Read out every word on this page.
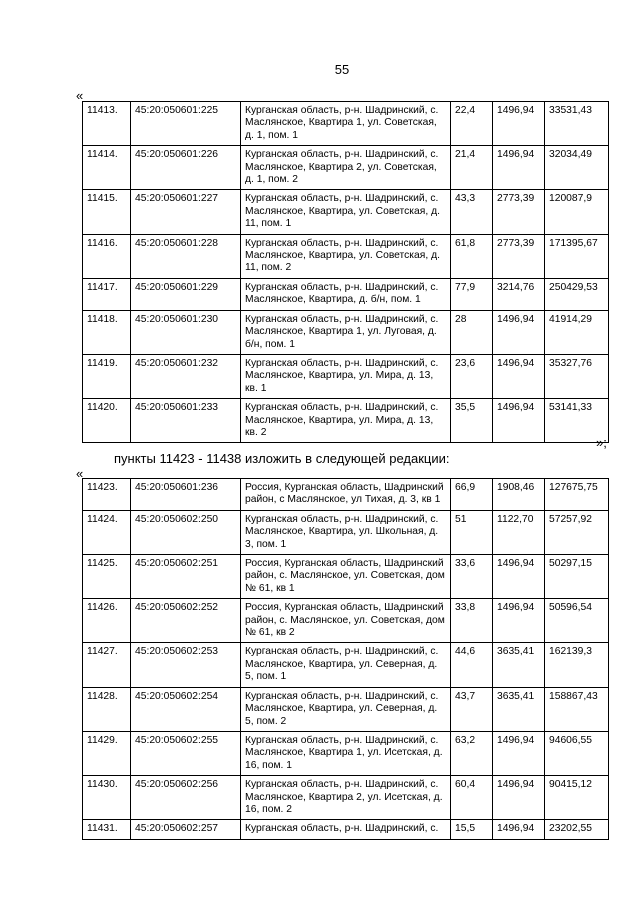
55
«
11413.	45:20:050601:225	Курганская область, р-н. Шадринский, с. Маслянское, Квартира 1, ул. Советская, д. 1, пом. 1	22,4	1496,94	33531,43
11414.	45:20:050601:226	Курганская область, р-н. Шадринский, с. Маслянское, Квартира 2, ул. Советская, д. 1, пом. 2	21,4	1496,94	32034,49
11415.	45:20:050601:227	Курганская область, р-н. Шадринский, с. Маслянское, Квартира, ул. Советская, д. 11, пом. 1	43,3	2773,39	120087,9
11416.	45:20:050601:228	Курганская область, р-н. Шадринский, с. Маслянское, Квартира, ул. Советская, д. 11, пом. 2	61,8	2773,39	171395,67
11417.	45:20:050601:229	Курганская область, р-н. Шадринский, с. Маслянское, Квартира, д. б/н, пом. 1	77,9	3214,76	250429,53
11418.	45:20:050601:230	Курганская область, р-н. Шадринский, с. Маслянское, Квартира 1, ул. Луговая, д. б/н, пом. 1	28	1496,94	41914,29
11419.	45:20:050601:232	Курганская область, р-н. Шадринский, с. Маслянское, Квартира, ул. Мира, д. 13, кв. 1	23,6	1496,94	35327,76
11420.	45:20:050601:233	Курганская область, р-н. Шадринский, с. Маслянское, Квартира, ул. Мира, д. 13, кв. 2	35,5	1496,94	53141,33
»;
пункты 11423 - 11438 изложить в следующей редакции:
«
11423.	45:20:050601:236	Россия, Курганская область, Шадринский район, с Маслянское, ул Тихая, д. 3, кв 1	66,9	1908,46	127675,75
11424.	45:20:050602:250	Курганская область, р-н. Шадринский, с. Маслянское, Квартира, ул. Школьная, д. 3, пом. 1	51	1122,70	57257,92
11425.	45:20:050602:251	Россия, Курганская область, Шадринский район, с. Маслянское, ул. Советская, дом № 61, кв 1	33,6	1496,94	50297,15
11426.	45:20:050602:252	Россия, Курганская область, Шадринский район, с. Маслянское, ул. Советская, дом № 61, кв 2	33,8	1496,94	50596,54
11427.	45:20:050602:253	Курганская область, р-н. Шадринский, с. Маслянское, Квартира, ул. Северная, д. 5, пом. 1	44,6	3635,41	162139,3
11428.	45:20:050602:254	Курганская область, р-н. Шадринский, с. Маслянское, Квартира, ул. Северная, д. 5, пом. 2	43,7	3635,41	158867,43
11429.	45:20:050602:255	Курганская область, р-н. Шадринский, с. Маслянское, Квартира 1, ул. Исетская, д. 16, пом. 1	63,2	1496,94	94606,55
11430.	45:20:050602:256	Курганская область, р-н. Шадринский, с. Маслянское, Квартира 2, ул. Исетская, д. 16, пом. 2	60,4	1496,94	90415,12
11431.	45:20:050602:257	Курганская область, р-н. Шадринский, с.	15,5	1496,94	23202,55
